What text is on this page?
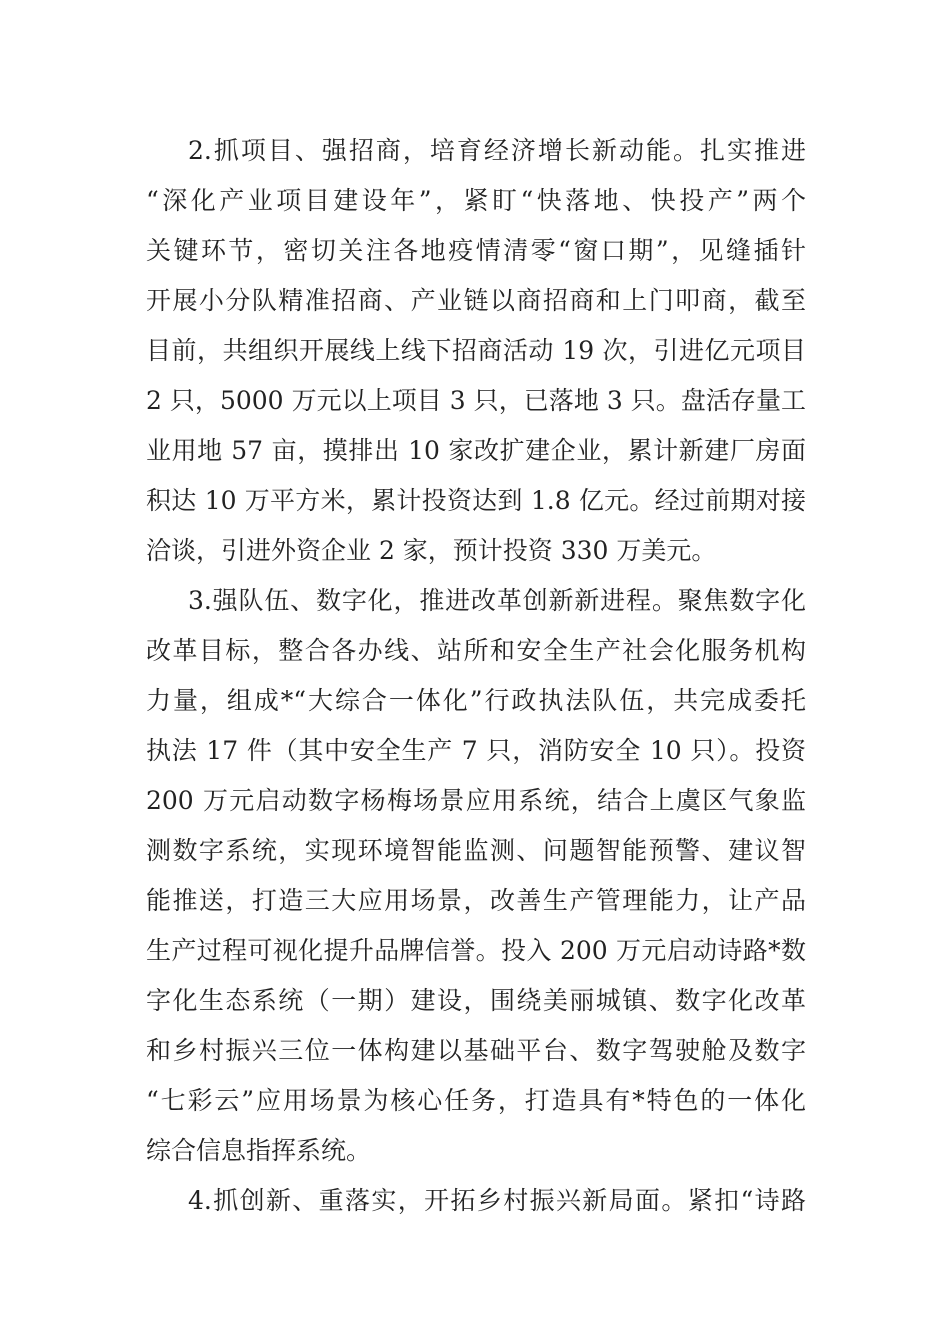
2.抓项目、强招商，培育经济增长新动能。扎实推进
“深化产业项目建设年”，紧盯“快落地、快投产”两个
关键环节，密切关注各地疫情清零“窗口期”，见缝插针
开展小分队精准招商、产业链以商招商和上门叩商，截至
目前，共组织开展线上线下招商活动 19 次，引进亿元项目
2 只，5000 万元以上项目 3 只，已落地 3 只。盘活存量工
业用地 57 亩，摸排出 10 家改扩建企业，累计新建厂房面
积达 10 万平方米，累计投资达到 1.8 亿元。经过前期对接
洽谈，引进外资企业 2 家，预计投资 330 万美元。
3.强队伍、数字化，推进改革创新新进程。聚焦数字化
改革目标，整合各办线、站所和安全生产社会化服务机构
力量，组成*“大综合一体化”行政执法队伍，共完成委托
执法 17 件（其中安全生产 7 只，消防安全 10 只）。投资
200 万元启动数字杨梅场景应用系统，结合上虞区气象监
测数字系统，实现环境智能监测、问题智能预警、建议智
能推送，打造三大应用场景，改善生产管理能力，让产品
生产过程可视化提升品牌信誉。投入 200 万元启动诗路*数
字化生态系统（一期）建设，围绕美丽城镇、数字化改革
和乡村振兴三位一体构建以基础平台、数字驾驶舱及数字
“七彩云”应用场景为核心任务，打造具有*特色的一体化
综合信息指挥系统。
4.抓创新、重落实，开拓乡村振兴新局面。紧扣“诗路
